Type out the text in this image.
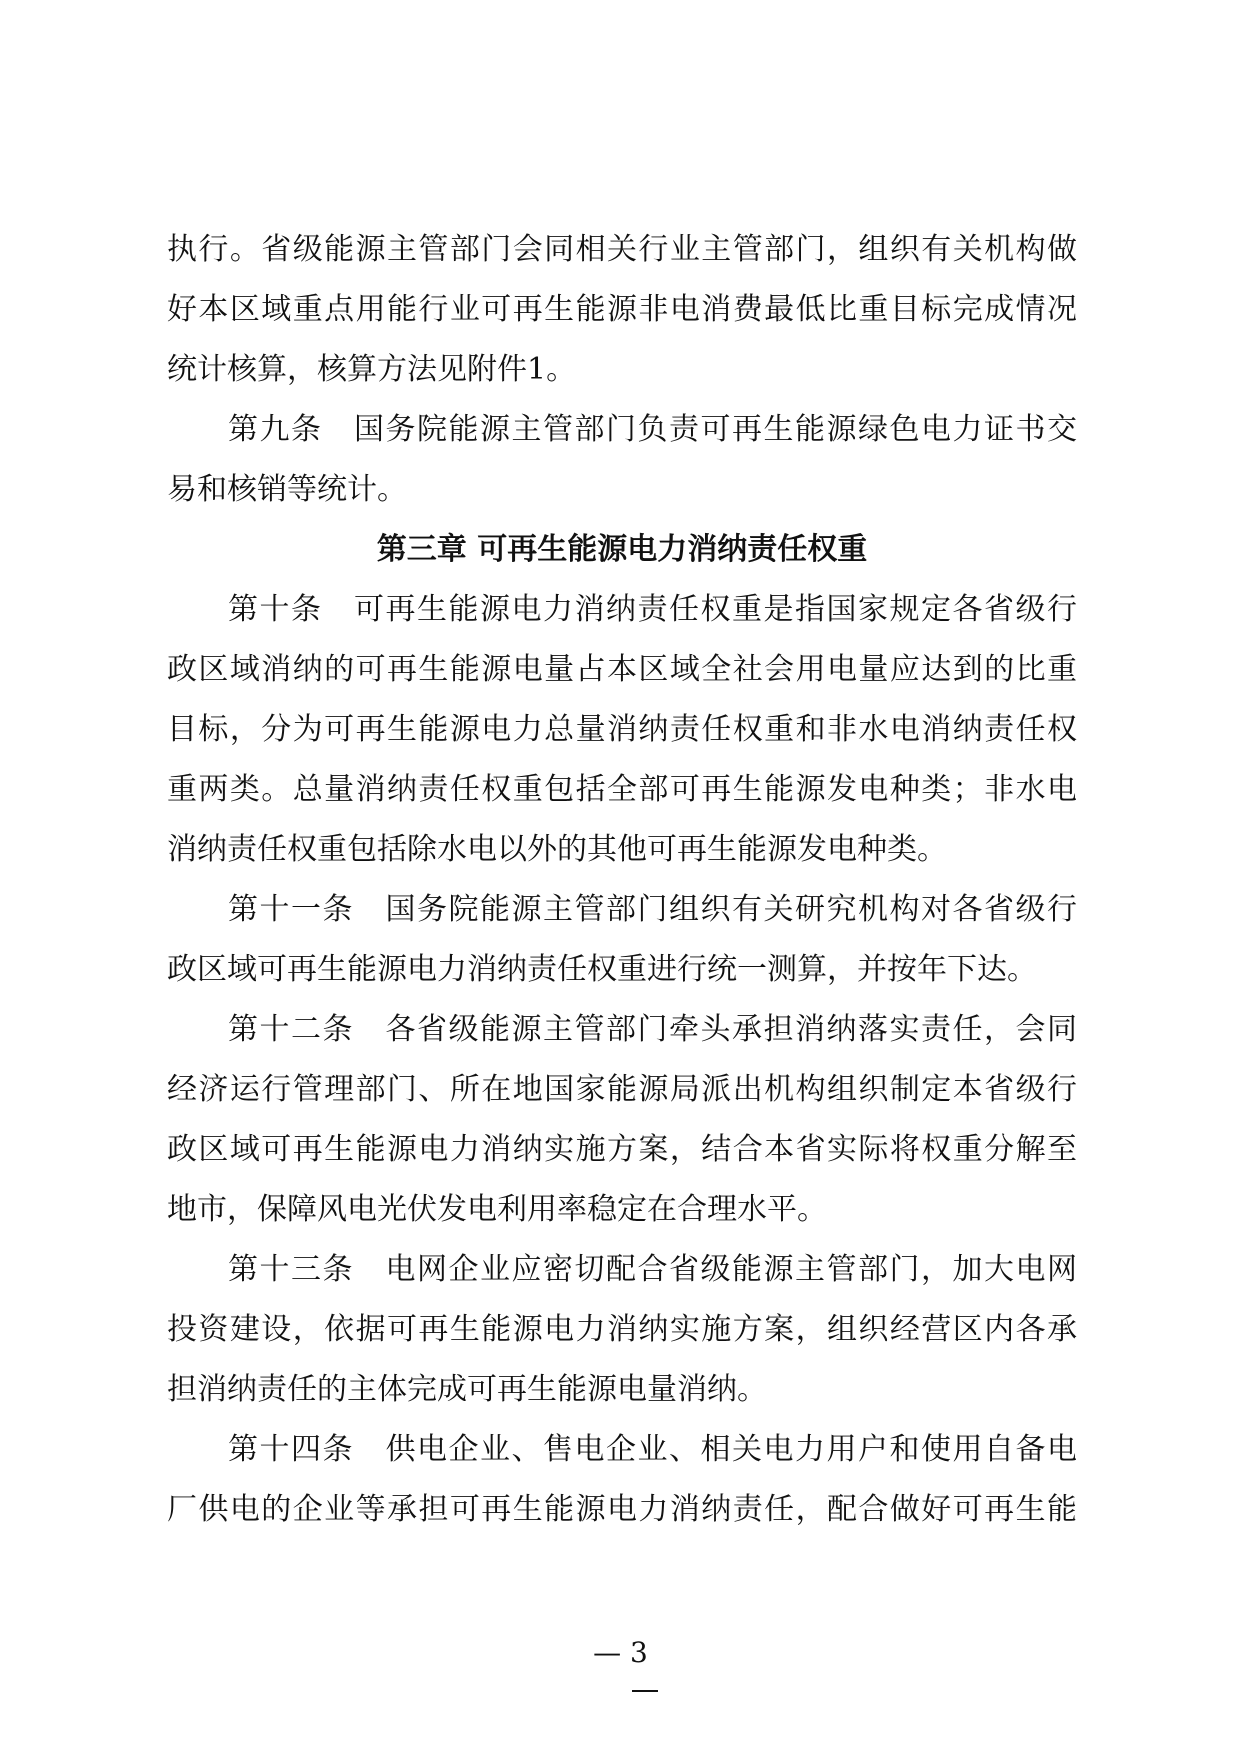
执行。省级能源主管部门会同相关行业主管部门，组织有关机构做
好本区域重点用能行业可再生能源非电消费最低比重目标完成情况
统计核算，核算方法见附件1。
第九条　国务院能源主管部门负责可再生能源绿色电力证书交
易和核销等统计。
第三章 可再生能源电力消纳责任权重
第十条　可再生能源电力消纳责任权重是指国家规定各省级行
政区域消纳的可再生能源电量占本区域全社会用电量应达到的比重
目标，分为可再生能源电力总量消纳责任权重和非水电消纳责任权
重两类。总量消纳责任权重包括全部可再生能源发电种类；非水电
消纳责任权重包括除水电以外的其他可再生能源发电种类。
第十一条　国务院能源主管部门组织有关研究机构对各省级行
政区域可再生能源电力消纳责任权重进行统一测算，并按年下达。
第十二条　各省级能源主管部门牵头承担消纳落实责任，会同
经济运行管理部门、所在地国家能源局派出机构组织制定本省级行
政区域可再生能源电力消纳实施方案，结合本省实际将权重分解至
地市，保障风电光伏发电利用率稳定在合理水平。
第十三条　电网企业应密切配合省级能源主管部门，加大电网
投资建设，依据可再生能源电力消纳实施方案，组织经营区内各承
担消纳责任的主体完成可再生能源电量消纳。
第十四条　供电企业、售电企业、相关电力用户和使用自备电
厂供电的企业等承担可再生能源电力消纳责任，配合做好可再生能
— 3
